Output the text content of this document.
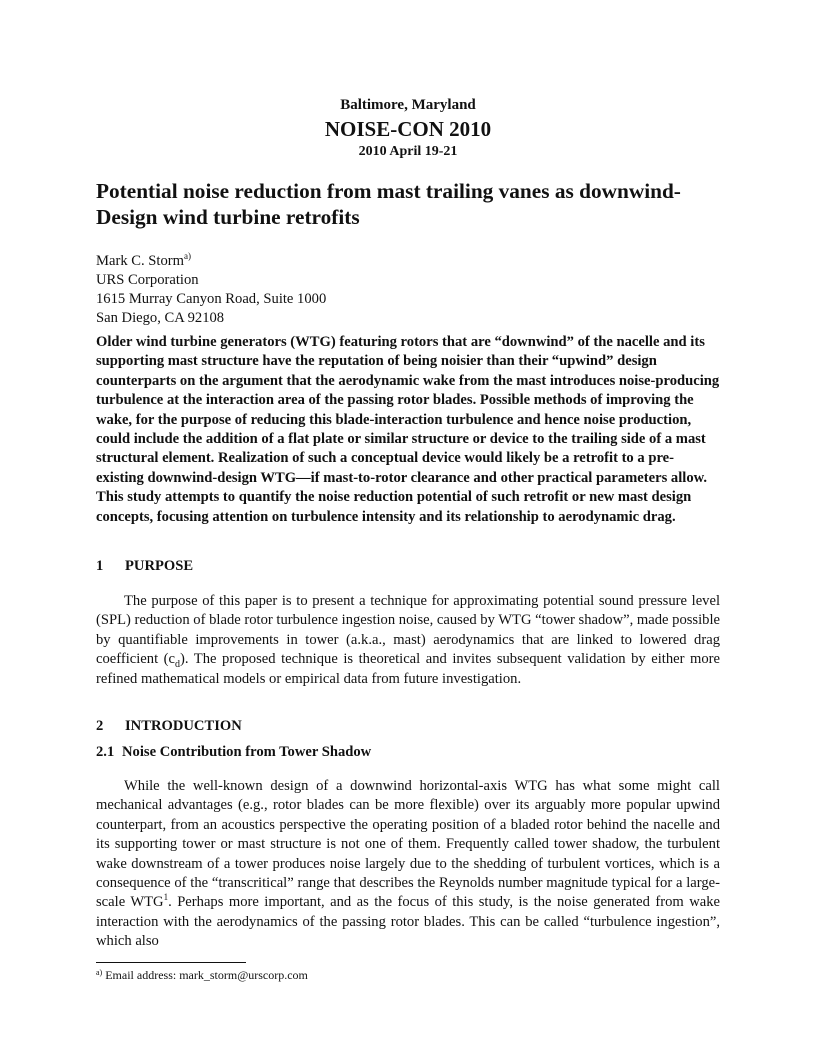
Baltimore, Maryland
NOISE-CON 2010
2010 April 19-21
Potential noise reduction from mast trailing vanes as downwind-Design wind turbine retrofits
Mark C. Storm$^{a)}$
URS Corporation
1615 Murray Canyon Road, Suite 1000
San Diego, CA 92108

Older wind turbine generators (WTG) featuring rotors that are “downwind” of the nacelle and its supporting mast structure have the reputation of being noisier than their “upwind” design counterparts on the argument that the aerodynamic wake from the mast introduces noise-producing turbulence at the interaction area of the passing rotor blades. Possible methods of improving the wake, for the purpose of reducing this blade-interaction turbulence and hence noise production, could include the addition of a flat plate or similar structure or device to the trailing side of a mast structural element. Realization of such a conceptual device would likely be a retrofit to a pre-existing downwind-design WTG—if mast-to-rotor clearance and other practical parameters allow. This study attempts to quantify the noise reduction potential of such retrofit or new mast design concepts, focusing attention on turbulence intensity and its relationship to aerodynamic drag.

1 PURPOSE

The purpose of this paper is to present a technique for approximating potential sound pressure level (SPL) reduction of blade rotor turbulence ingestion noise, caused by WTG “tower shadow”, made possible by quantifiable improvements in tower (a.k.a., mast) aerodynamics that are linked to lowered drag coefficient $(c_d)$. The proposed technique is theoretical and invites subsequent validation by either more refined mathematical models or empirical data from future investigation.

2 INTRODUCTION
2.1 Noise Contribution from Tower Shadow

While the well-known design of a downwind horizontal-axis WTG has what some might call mechanical advantages (e.g., rotor blades can be more flexible) over its arguably more popular upwind counterpart, from an acoustics perspective the operating position of a bladed rotor behind the nacelle and its supporting tower or mast structure is not one of them. Frequently called tower shadow, the turbulent wake downstream of a tower produces noise largely due to the shedding of turbulent vortices, which is a consequence of the “transcritical” range that describes the Reynolds number magnitude typical for a large-scale WTG$^1$. Perhaps more important, and as the focus of this study, is the noise generated from wake interaction with the aerodynamics of the passing rotor blades. This can be called “turbulence ingestion”, which also

$^{a)}$ Email address: mark_storm@urscorp.com
